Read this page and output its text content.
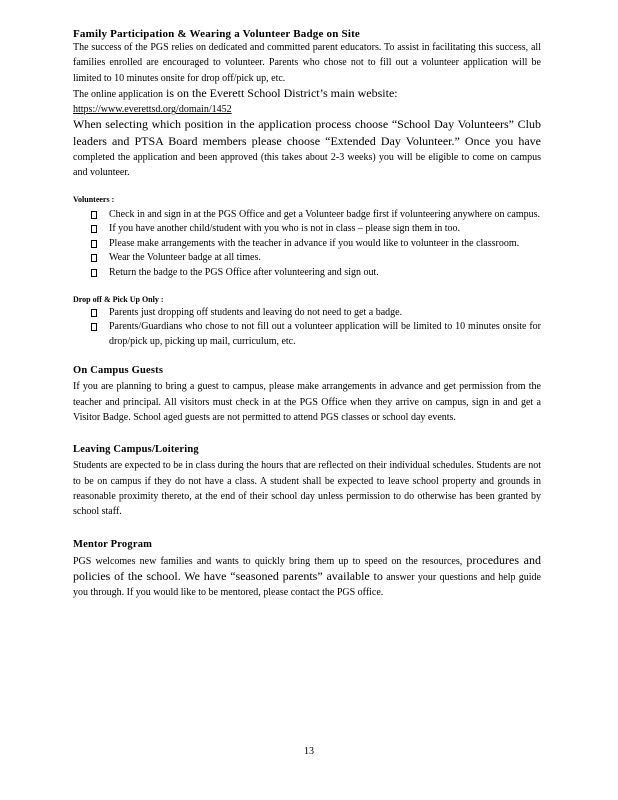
Family Participation & Wearing a Volunteer Badge on Site

The success of the PGS relies on dedicated and committed parent educators. To assist in facilitating this success, all families enrolled are encouraged to volunteer. Parents who chose not to fill out a volunteer application will be limited to 10 minutes onsite for drop off/pick up, etc.

The online application is on the Everett School District’s main website:
https://www.everettsd.org/domain/1452

When selecting which position in the application process choose “School Day Volunteers” Club leaders and PTSA Board members please choose “Extended Day Volunteer.” Once you have completed the application and been approved (this takes about 2-3 weeks) you will be eligible to come on campus and volunteer.

Volunteers :
Check in and sign in at the PGS Office and get a Volunteer badge first if volunteering anywhere on campus.
If you have another child/student with you who is not in class – please sign them in too.
Please make arrangements with the teacher in advance if you would like to volunteer in the classroom.
Wear the Volunteer badge at all times.
Return the badge to the PGS Office after volunteering and sign out.
Drop off & Pick Up Only :
Parents just dropping off students and leaving do not need to get a badge.
Parents/Guardians who chose to not fill out a volunteer application will be limited to 10 minutes onsite for drop/pick up, picking up mail, curriculum, etc.
On Campus Guests

If you are planning to bring a guest to campus, please make arrangements in advance and get permission from the teacher and principal. All visitors must check in at the PGS Office when they arrive on campus, sign in and get a Visitor Badge. School aged guests are not permitted to attend PGS classes or school day events.

Leaving Campus/Loitering

Students are expected to be in class during the hours that are reflected on their individual schedules. Students are not to be on campus if they do not have a class. A student shall be expected to leave school property and grounds in reasonable proximity thereto, at the end of their school day unless permission to do otherwise has been granted by school staff.

Mentor Program

PGS welcomes new families and wants to quickly bring them up to speed on the resources, procedures and policies of the school. We have “seasoned parents” available to answer your questions and help guide you through. If you would like to be mentored, please contact the PGS office.

13
